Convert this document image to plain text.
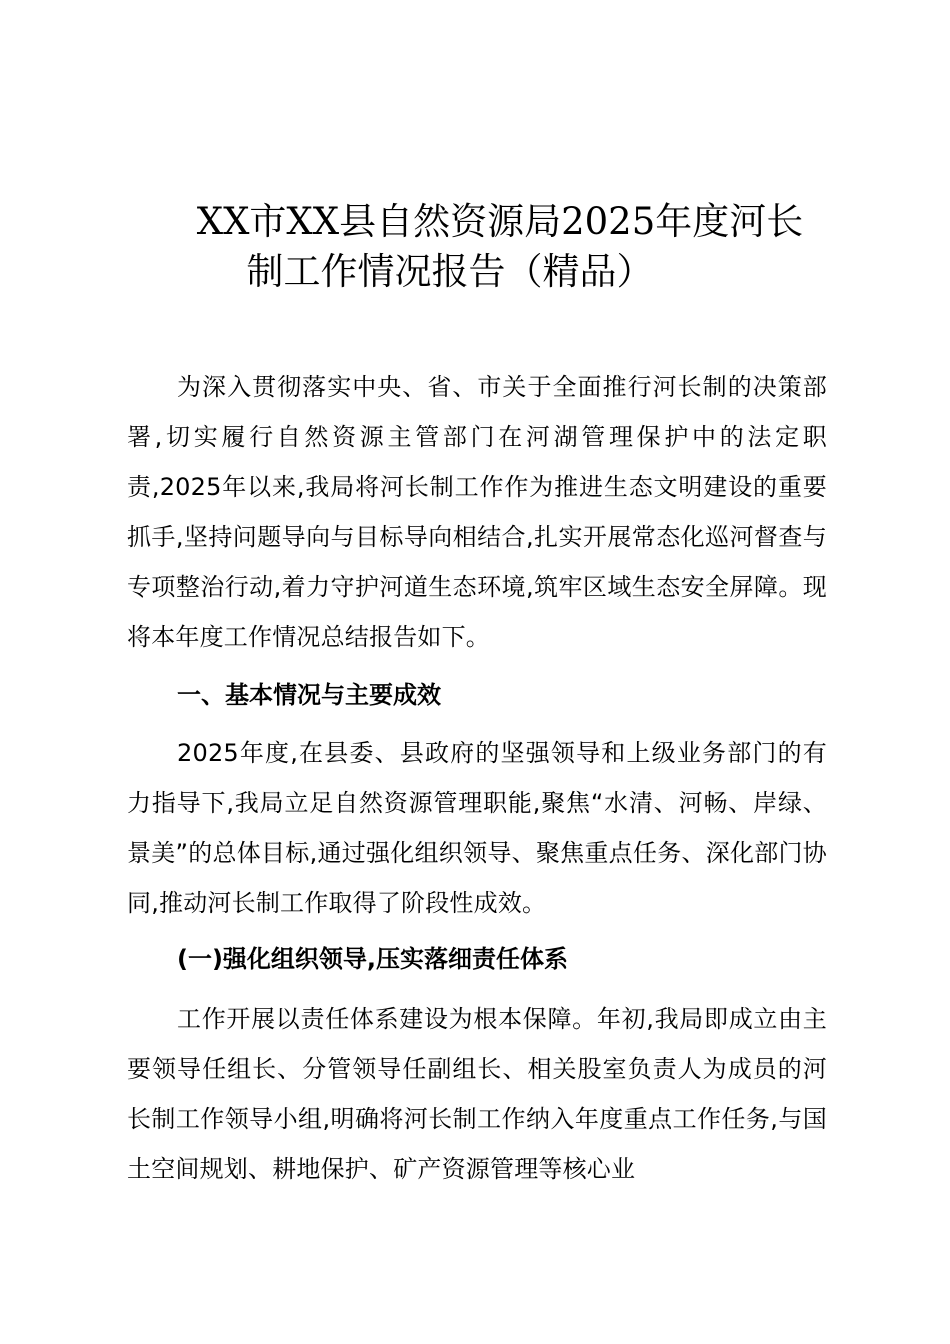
XX市XX县自然资源局2025年度河长
制工作情况报告（精品）

为深入贯彻落实中央、省、市关于全面推行河长制的决策部署,切实履行自然资源主管部门在河湖管理保护中的法定职责,2025年以来,我局将河长制工作作为推进生态文明建设的重要抓手,坚持问题导向与目标导向相结合,扎实开展常态化巡河督查与专项整治行动,着力守护河道生态环境,筑牢区域生态安全屏障。现将本年度工作情况总结报告如下。

一、基本情况与主要成效

2025年度,在县委、县政府的坚强领导和上级业务部门的有力指导下,我局立足自然资源管理职能,聚焦“水清、河畅、岸绿、景美”的总体目标,通过强化组织领导、聚焦重点任务、深化部门协同,推动河长制工作取得了阶段性成效。

(一)强化组织领导,压实落细责任体系

工作开展以责任体系建设为根本保障。年初,我局即成立由主要领导任组长、分管领导任副组长、相关股室负责人为成员的河长制工作领导小组,明确将河长制工作纳入年度重点工作任务,与国土空间规划、耕地保护、矿产资源管理等核心业
